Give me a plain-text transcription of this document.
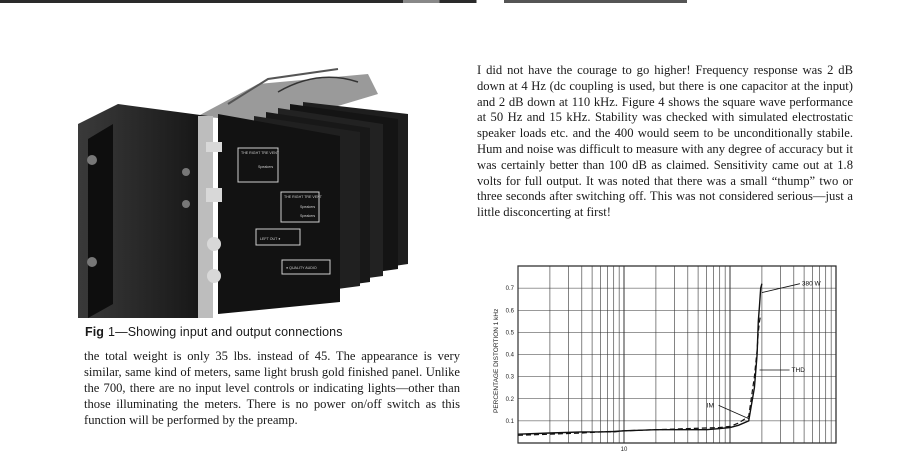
THE RIGHT TRE VENT
THE RIGHT TRE VENT
LEFT OUT ●
● QUALITY AUDIO
Speakers
Speakers
Speakers
Fig 1—Showing input and output connections

the total weight is only 35 lbs. instead of 45. The appearance is very similar, same kind of meters, same light brush gold finished panel. Unlike the 700, there are no input level controls or indicating lights—other than those illuminating the meters. There is no power on/off switch as this function will be performed by the preamp.

I did not have the courage to go higher! Frequency response was 2 dB down at 4 Hz (dc coupling is used, but there is one capacitor at the input) and 2 dB down at 110 kHz. Figure 4 shows the square wave performance at 50 Hz and 15 kHz. Stability was checked with simulated electrostatic speaker loads etc. and the 400 would seem to be unconditionally stabile. Hum and noise was difficult to measure with any degree of accuracy but it was certainly better than 100 dB as claimed. Sensitivity came out at 1.8 volts for full output. It was noted that there was a small “thump” two or three seconds after switching off. This was not considered serious—just a little disconcerting at first!

PERCENTAGE DISTORTION 1 kHz
0.1
0.2
0.3
0.4
0.5
0.6
0.7
10
380 W
THD
IM
